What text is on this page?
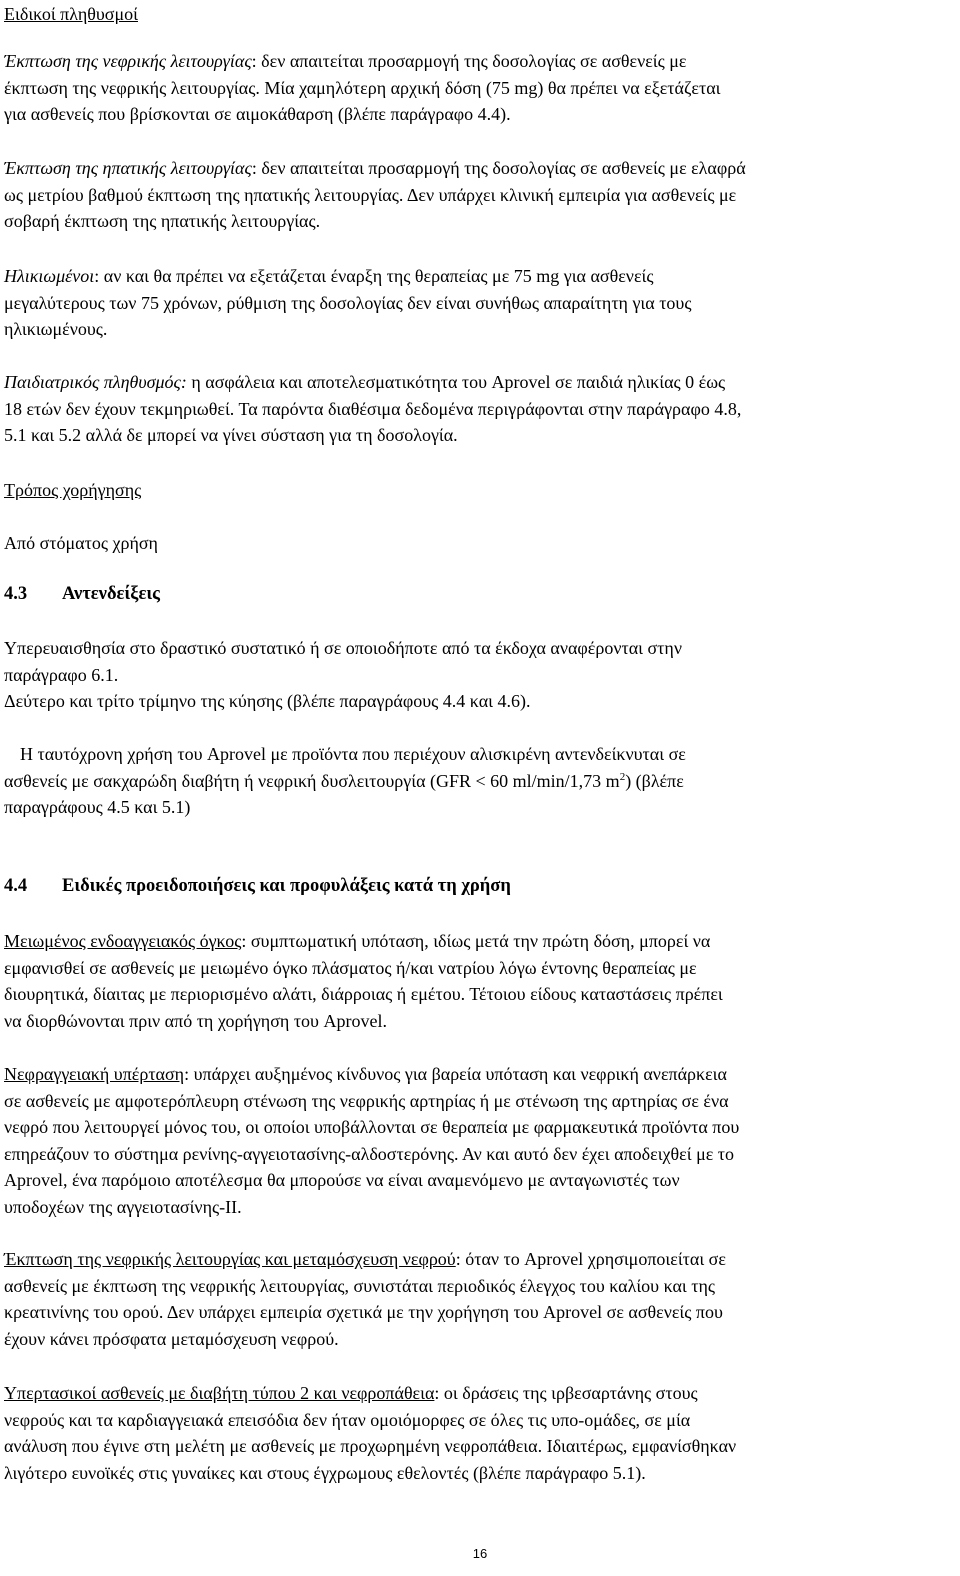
Ειδικοί πληθυσμοί
Έκπτωση της νεφρικής λειτουργίας: δεν απαιτείται προσαρμογή της δοσολογίας σε ασθενείς με
έκπτωση της νεφρικής λειτουργίας. Μία χαμηλότερη αρχική δόση (75 mg) θα πρέπει να εξετάζεται
για ασθενείς που βρίσκονται σε αιμοκάθαρση (βλέπε παράγραφο 4.4).
Έκπτωση της ηπατικής λειτουργίας: δεν απαιτείται προσαρμογή της δοσολογίας σε ασθενείς με ελαφρά
ως μετρίου βαθμού έκπτωση της ηπατικής λειτουργίας. Δεν υπάρχει κλινική εμπειρία για ασθενείς με
σοβαρή έκπτωση της ηπατικής λειτουργίας.
Ηλικιωμένοι: αν και θα πρέπει να εξετάζεται έναρξη της θεραπείας με 75 mg για ασθενείς
μεγαλύτερους των 75 χρόνων, ρύθμιση της δοσολογίας δεν είναι συνήθως απαραίτητη για τους
ηλικιωμένους.
Παιδιατρικός πληθυσμός: η ασφάλεια και αποτελεσματικότητα του Aprovel σε παιδιά ηλικίας 0 έως
18 ετών δεν έχουν τεκμηριωθεί. Τα παρόντα διαθέσιμα δεδομένα περιγράφονται στην παράγραφο 4.8,
5.1 και 5.2 αλλά δε μπορεί να γίνει σύσταση για τη δοσολογία.
Τρόπος χορήγησης
Από στόματος χρήση
4.3 Αντενδείξεις
Υπερευαισθησία στο δραστικό συστατικό ή σε οποιοδήποτε από τα έκδοχα αναφέρονται στην
παράγραφο 6.1.
Δεύτερο και τρίτο τρίμηνο της κύησης (βλέπε παραγράφους 4.4 και 4.6).
Η ταυτόχρονη χρήση του Aprovel με προϊόντα που περιέχουν αλισκιρένη αντενδείκνυται σε
ασθενείς με σακχαρώδη διαβήτη ή νεφρική δυσλειτουργία (GFR < 60 ml/min/1,73 $m^2$) (βλέπε
παραγράφους 4.5 και 5.1)
4.4 Ειδικές προειδοποιήσεις και προφυλάξεις κατά τη χρήση
Μειωμένος ενδοαγγειακός όγκος: συμπτωματική υπόταση, ιδίως μετά την πρώτη δόση, μπορεί να
εμφανισθεί σε ασθενείς με μειωμένο όγκο πλάσματος ή/και νατρίου λόγω έντονης θεραπείας με
διουρητικά, δίαιτας με περιορισμένο αλάτι, διάρροιας ή εμέτου. Τέτοιου είδους καταστάσεις πρέπει
να διορθώνονται πριν από τη χορήγηση του Aprovel.
Νεφραγγειακή υπέρταση: υπάρχει αυξημένος κίνδυνος για βαρεία υπόταση και νεφρική ανεπάρκεια
σε ασθενείς με αμφοτερόπλευρη στένωση της νεφρικής αρτηρίας ή με στένωση της αρτηρίας σε ένα
νεφρό που λειτουργεί μόνος του, οι οποίοι υποβάλλονται σε θεραπεία με φαρμακευτικά προϊόντα που
επηρεάζουν το σύστημα ρενίνης-αγγειοτασίνης-αλδοστερόνης. Αν και αυτό δεν έχει αποδειχθεί με το
Aprovel, ένα παρόμοιο αποτέλεσμα θα μπορούσε να είναι αναμενόμενο με ανταγωνιστές των
υποδοχέων της αγγειοτασίνης-ΙΙ.
Έκπτωση της νεφρικής λειτουργίας και μεταμόσχευση νεφρού: όταν το Aprovel χρησιμοποιείται σε
ασθενείς με έκπτωση της νεφρικής λειτουργίας, συνιστάται περιοδικός έλεγχος του καλίου και της
κρεατινίνης του ορού. Δεν υπάρχει εμπειρία σχετικά με την χορήγηση του Aprovel σε ασθενείς που
έχουν κάνει πρόσφατα μεταμόσχευση νεφρού.
Υπερτασικοί ασθενείς με διαβήτη τύπου 2 και νεφροπάθεια: οι δράσεις της ιρβεσαρτάνης στους
νεφρούς και τα καρδιαγγειακά επεισόδια δεν ήταν ομοιόμορφες σε όλες τις υπο-ομάδες, σε μία
ανάλυση που έγινε στη μελέτη με ασθενείς με προχωρημένη νεφροπάθεια. Ιδιαιτέρως, εμφανίσθηκαν
λιγότερο ευνοϊκές στις γυναίκες και στους έγχρωμους εθελοντές (βλέπε παράγραφο 5.1).
16
